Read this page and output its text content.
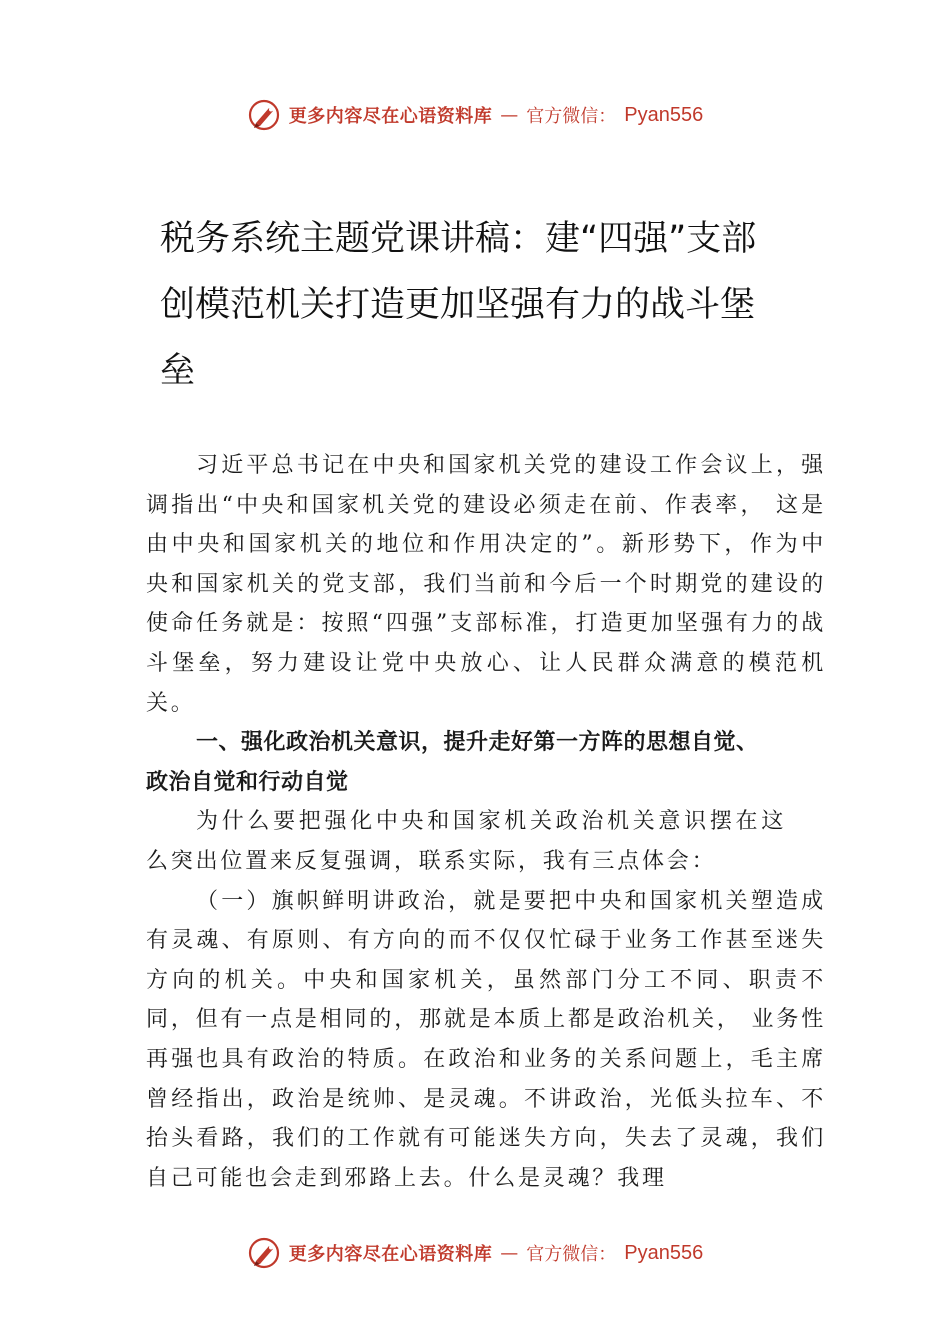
更多内容尽在心语资料库 — 官方微信： Pyan556
税务系统主题党课讲稿：建“四强”支部创模范机关打造更加坚强有力的战斗堡垒

习近平总书记在中央和国家机关党的建设工作会议上，强调指出“中央和国家机关党的建设必须走在前、作表率， 这是由中央和国家机关的地位和作用决定的”。新形势下，作为中央和国家机关的党支部，我们当前和今后一个时期党的建设的使命任务就是：按照“四强”支部标准，打造更加坚强有力的战斗堡垒，努力建设让党中央放心、让人民群众满意的模范机关。

一、强化政治机关意识，提升走好第一方阵的思想自觉、政治自觉和行动自觉

为什么要把强化中央和国家机关政治机关意识摆在这么突出位置来反复强调，联系实际，我有三点体会：

（一）旗帜鲜明讲政治，就是要把中央和国家机关塑造成有灵魂、有原则、有方向的而不仅仅忙碌于业务工作甚至迷失方向的机关。中央和国家机关，虽然部门分工不同、职责不同，但有一点是相同的，那就是本质上都是政治机关， 业务性再强也具有政治的特质。在政治和业务的关系问题上，毛主席曾经指出，政治是统帅、是灵魂。不讲政治，光低头拉车、不抬头看路，我们的工作就有可能迷失方向，失去了灵魂，我们自己可能也会走到邪路上去。什么是灵魂？我理

更多内容尽在心语资料库 — 官方微信： Pyan556
